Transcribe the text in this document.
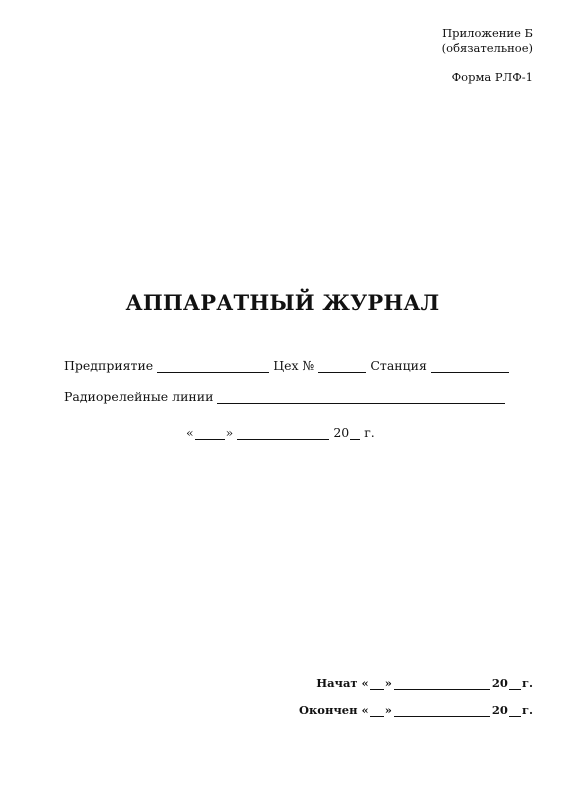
Приложение Б
(обязательное)
Форма РЛФ-1
АППАРАТНЫЙ ЖУРНАЛ
Предприятие	Цех №	Станция
Радиорелейные линии
«	»	20 г.
Начат « »	20 г.
Окончен « »	20 г.
